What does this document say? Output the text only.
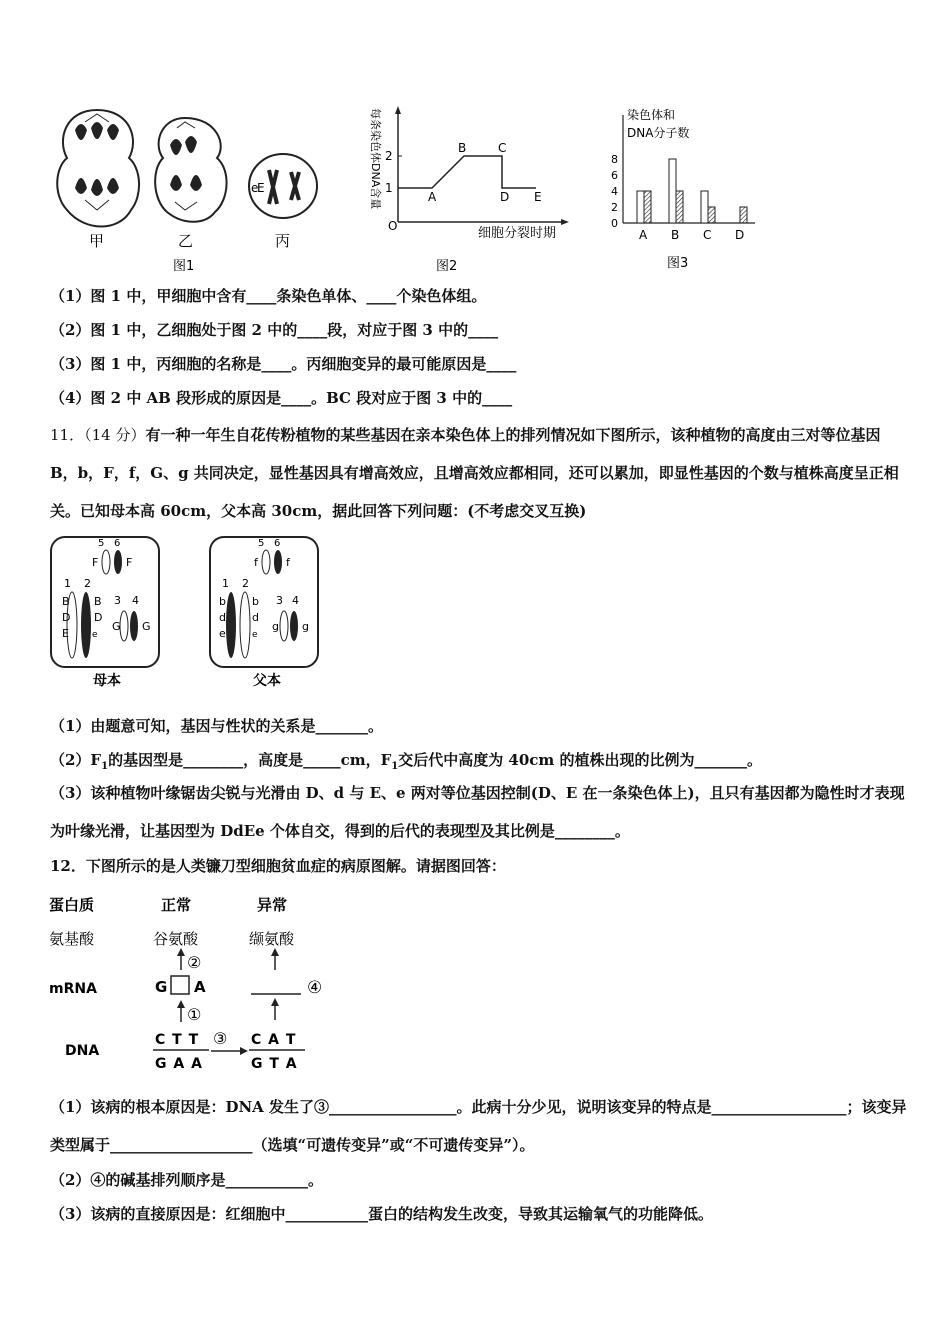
e
E
甲	乙	丙
图1
每条染色体DNA含量 2
1
O
A
B	C
D E
细胞分裂时期
图2
染色体和
DNA分子数
8
6
4
2
0
A B C D
图3
（1）图 1 中，甲细胞中含有____条染色单体、____个染色体组。
（2）图 1 中，乙细胞处于图 2 中的____段，对应于图 3 中的____
（3）图 1 中，丙细胞的名称是____。丙细胞变异的最可能原因是____
（4）图 2 中 AB 段形成的原因是____。BC 段对应于图 3 中的____
11．（14 分）有一种一年生自花传粉植物的某些基因在亲本染色体上的排列情况如下图所示，该种植物的高度由三对等位基因 B，b，F，f，G、g 共同决定，显性基因具有增高效应，且增高效应都相同，还可以累加，即显性基因的个数与植株高度呈正相关。已知母本高 60cm，父本高 30cm，据此回答下列问题：(不考虑交叉互换)
5 6
F	F
1 2
B B
D D
E	e
3 4
G G
母本
5 6
f	f
1 2
b b
d d
e	e
3 4
g g
父本
（1）由题意可知，基因与性状的关系是_______。
$(2)F_1$的基因型是________，高度是_____cm，$F_1$交后代中高度为 40cm 的植株出现的比例为_______。
（3）该种植物叶缘锯齿尖锐与光滑由 D、d 与 E、e 两对等位基因控制(D、E 在一条染色体上)，且只有基因都为隐性时才表现为叶缘光滑，让基因型为 DdEe 个体自交，得到的后代的表现型及其比例是________。
12．下图所示的是人类镰刀型细胞贫血症的病原图解。请据图回答：
蛋白质	正常	异常
氨基酸	谷氨酸	缬氨酸
mRNA
DNA
②
G A
①
④
C T T
G A A
③ C A T
G T A
（1）该病的根本原因是：DNA 发生了③_________________。此病十分少见，说明该变异的特点是__________________；该变异类型属于___________________（选填“可遗传变异”或“不可遗传变异”）。
（2）④的碱基排列顺序是___________。
（3）该病的直接原因是：红细胞中___________蛋白的结构发生改变，导致其运输氧气的功能降低。
